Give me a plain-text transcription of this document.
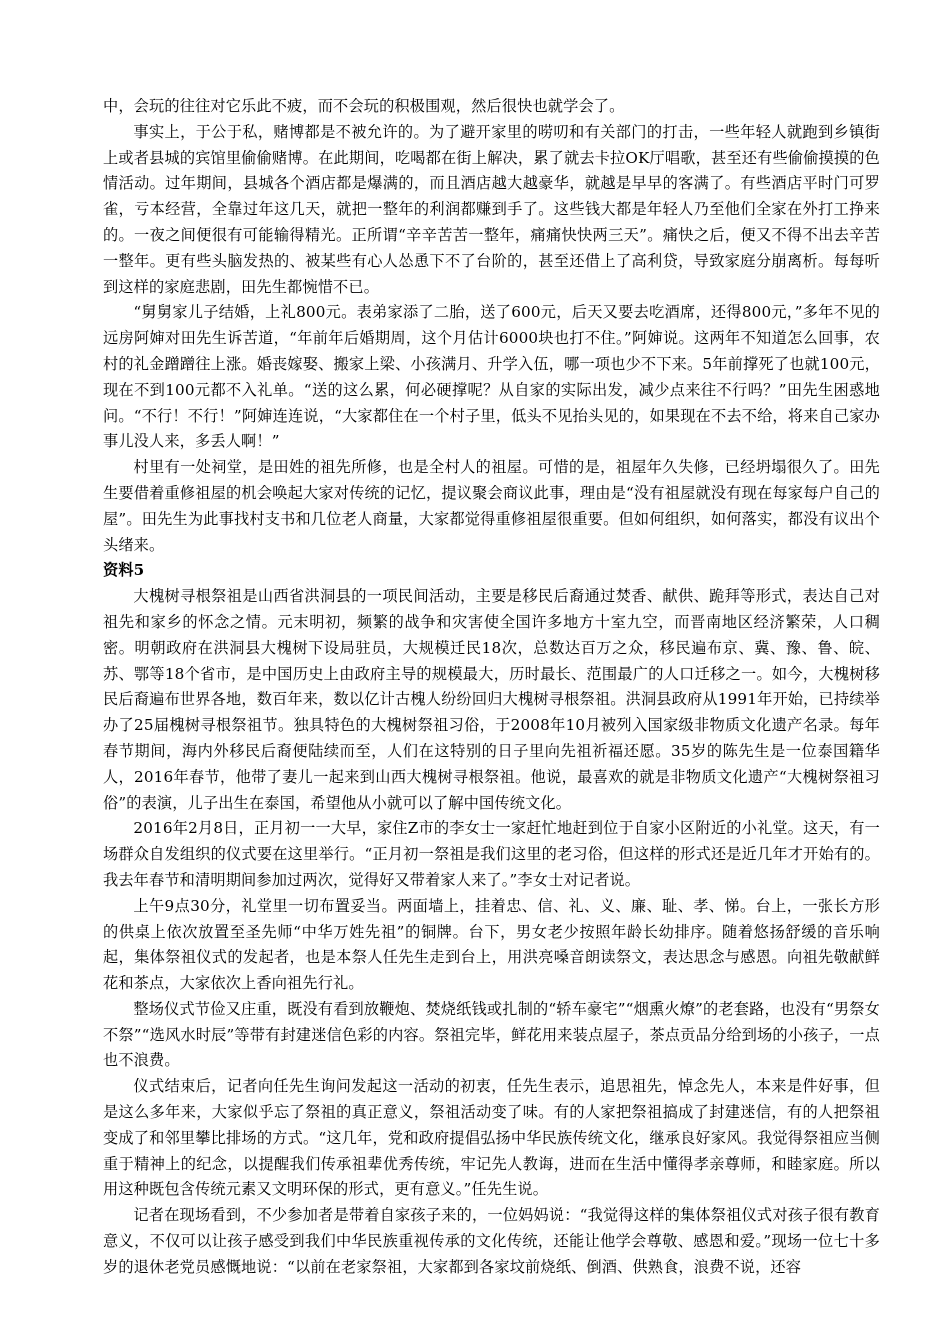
中，会玩的往往对它乐此不疲，而不会玩的积极围观，然后很快也就学会了。

事实上，于公于私，赌博都是不被允许的。为了避开家里的唠叨和有关部门的打击，一些年轻人就跑到乡镇街上或者县城的宾馆里偷偷赌博。在此期间，吃喝都在街上解决，累了就去卡拉OK厅唱歌，甚至还有些偷偷摸摸的色情活动。过年期间，县城各个酒店都是爆满的，而且酒店越大越豪华，就越是早早的客满了。有些酒店平时门可罗雀，亏本经营，全靠过年这几天，就把一整年的利润都赚到手了。这些钱大都是年轻人乃至他们全家在外打工挣来的。一夜之间便很有可能输得精光。正所谓“辛辛苦苦一整年，痛痛快快两三天”。痛快之后，便又不得不出去辛苦一整年。更有些头脑发热的、被某些有心人怂恿下不了台阶的，甚至还借上了高利贷，导致家庭分崩离析。每每听到这样的家庭悲剧，田先生都惋惜不已。

“舅舅家儿子结婚，上礼800元。表弟家添了二胎，送了600元，后天又要去吃酒席，还得800元，”多年不见的远房阿婶对田先生诉苦道，“年前年后婚期周，这个月估计6000块也打不住。”阿婶说。这两年不知道怎么回事，农村的礼金蹭蹭往上涨。婚丧嫁娶、搬家上梁、小孩满月、升学入伍，哪一项也少不下来。5年前撑死了也就100元，现在不到100元都不入礼单。“送的这么累，何必硬撑呢？从自家的实际出发，减少点来往不行吗？”田先生困惑地问。“不行！不行！”阿婶连连说，“大家都住在一个村子里，低头不见抬头见的，如果现在不去不给，将来自己家办事儿没人来，多丢人啊！”

村里有一处祠堂，是田姓的祖先所修，也是全村人的祖屋。可惜的是，祖屋年久失修，已经坍塌很久了。田先生要借着重修祖屋的机会唤起大家对传统的记忆，提议聚会商议此事，理由是“没有祖屋就没有现在每家每户自己的屋”。田先生为此事找村支书和几位老人商量，大家都觉得重修祖屋很重要。但如何组织，如何落实，都没有议出个头绪来。

资料5

大槐树寻根祭祖是山西省洪洞县的一项民间活动，主要是移民后裔通过焚香、献供、跪拜等形式，表达自己对祖先和家乡的怀念之情。元末明初，频繁的战争和灾害使全国许多地方十室九空，而晋南地区经济繁荣，人口稠密。明朝政府在洪洞县大槐树下设局驻员，大规模迁民18次，总数达百万之众，移民遍布京、冀、豫、鲁、皖、苏、鄂等18个省市，是中国历史上由政府主导的规模最大，历时最长、范围最广的人口迁移之一。如今，大槐树移民后裔遍布世界各地，数百年来，数以亿计古槐人纷纷回归大槐树寻根祭祖。洪洞县政府从1991年开始，已持续举办了25届槐树寻根祭祖节。独具特色的大槐树祭祖习俗，于2008年10月被列入国家级非物质文化遗产名录。每年春节期间，海内外移民后裔便陆续而至，人们在这特别的日子里向先祖祈福还愿。35岁的陈先生是一位泰国籍华人，2016年春节，他带了妻儿一起来到山西大槐树寻根祭祖。他说，最喜欢的就是非物质文化遗产“大槐树祭祖习俗”的表演，儿子出生在泰国，希望他从小就可以了解中国传统文化。

2016年2月8日，正月初一一大早，家住Z市的李女士一家赶忙地赶到位于自家小区附近的小礼堂。这天，有一场群众自发组织的仪式要在这里举行。“正月初一祭祖是我们这里的老习俗，但这样的形式还是近几年才开始有的。我去年春节和清明期间参加过两次，觉得好又带着家人来了。”李女士对记者说。

上午9点30分，礼堂里一切布置妥当。两面墙上，挂着忠、信、礼、义、廉、耻、孝、悌。台上，一张长方形的供桌上依次放置至圣先师“中华万姓先祖”的铜牌。台下，男女老少按照年龄长幼排序。随着悠扬舒缓的音乐响起，集体祭祖仪式的发起者，也是本祭人任先生走到台上，用洪亮嗓音朗读祭文，表达思念与感恩。向祖先敬献鲜花和茶点，大家依次上香向祖先行礼。

整场仪式节俭又庄重，既没有看到放鞭炮、焚烧纸钱或扎制的“轿车豪宅”“烟熏火燎”的老套路，也没有“男祭女不祭”“选风水时辰”等带有封建迷信色彩的内容。祭祖完毕，鲜花用来装点屋子，茶点贡品分给到场的小孩子，一点也不浪费。

仪式结束后，记者向任先生询问发起这一活动的初衷，任先生表示，追思祖先，悼念先人，本来是件好事，但是这么多年来，大家似乎忘了祭祖的真正意义，祭祖活动变了味。有的人家把祭祖搞成了封建迷信，有的人把祭祖变成了和邻里攀比排场的方式。“这几年，党和政府提倡弘扬中华民族传统文化，继承良好家风。我觉得祭祖应当侧重于精神上的纪念，以提醒我们传承祖辈优秀传统，牢记先人教诲，进而在生活中懂得孝亲尊师，和睦家庭。所以用这种既包含传统元素又文明环保的形式，更有意义。”任先生说。

记者在现场看到，不少参加者是带着自家孩子来的，一位妈妈说：“我觉得这样的集体祭祖仪式对孩子很有教育意义，不仅可以让孩子感受到我们中华民族重视传承的文化传统，还能让他学会尊敬、感恩和爱。”现场一位七十多岁的退休老党员感慨地说：“以前在老家祭祖，大家都到各家坟前烧纸、倒酒、供熟食，浪费不说，还容
